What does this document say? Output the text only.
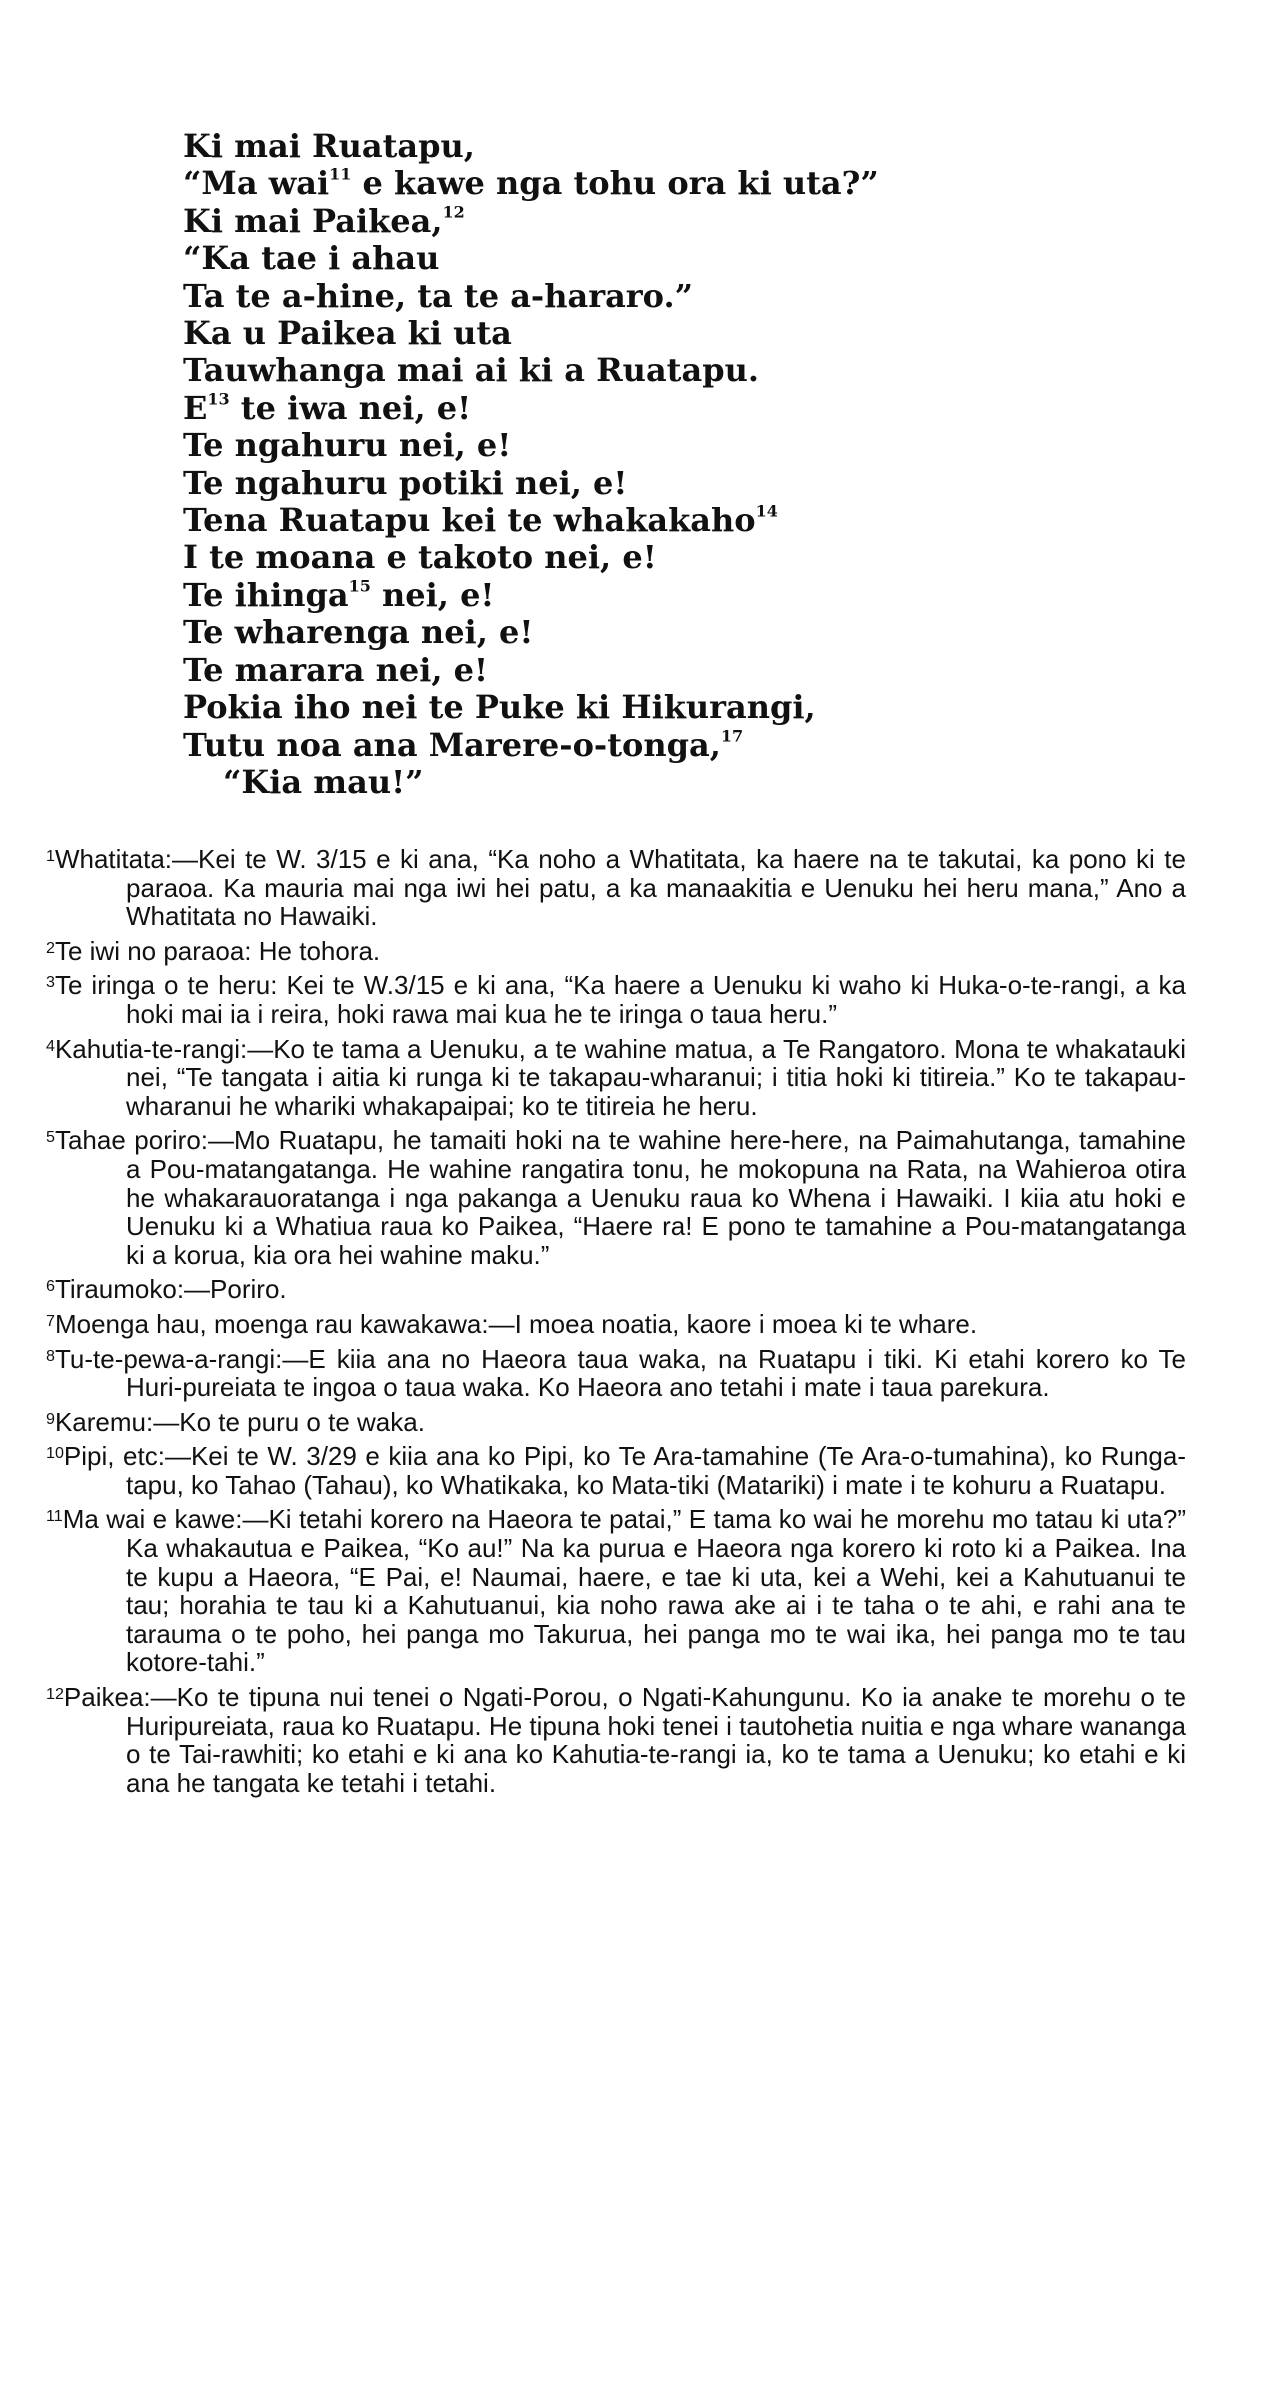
Ki mai Ruatapu,
“Ma wai$^{11}$ e kawe nga tohu ora ki uta?”
Ki mai Paikea,$^{12}$
“Ka tae i ahau
Ta te a-hine, ta te a-hararo.”
Ka u Paikea ki uta
Tauwhanga mai ai ki a Ruatapu.
$E^{13}$ te iwa nei, e!
Te ngahuru nei, e!
Te ngahuru potiki nei, e!
Tena Ruatapu kei te whakakaho$^{14}$
I te moana e takoto nei, e!
Te ihinga$^{15}$ nei, e!
Te wharenga nei, e!
Te marara nei, e!
Pokia iho nei te Puke ki Hikurangi,
Tutu noa ana Marere-o-tonga,$^{17}$
“Kia mau!”
$^1$Whatitata:—Kei te W. 3/15 e ki ana, “Ka noho a Whatitata, ka haere na te takutai, ka pono ki te paraoa. Ka mauria mai nga iwi hei patu, a ka manaakitia e Uenuku hei heru mana,” Ano a Whatitata no Hawaiki.
$^2$Te iwi no paraoa: He tohora.
$^3$Te iringa o te heru: Kei te W.3/15 e ki ana, “Ka haere a Uenuku ki waho ki Huka-o-te-rangi, a ka hoki mai ia i reira, hoki rawa mai kua he te iringa o taua heru.”
$^4$Kahutia-te-rangi:—Ko te tama a Uenuku, a te wahine matua, a Te Rangatoro. Mona te whakatauki nei, “Te tangata i aitia ki runga ki te takapau-wharanui; i titia hoki ki titireia.” Ko te takapau-wharanui he whariki whakapaipai; ko te titireia he heru.
$^5$Tahae poriro:—Mo Ruatapu, he tamaiti hoki na te wahine here-here, na Paimahutanga, tamahine a Pou-matangatanga. He wahine rangatira tonu, he mokopuna na Rata, na Wahieroa otira he whakarauoratanga i nga pakanga a Uenuku raua ko Whena i Hawaiki. I kiia atu hoki e Uenuku ki a Whatiua raua ko Paikea, “Haere ra! E pono te tamahine a Pou-matangatanga ki a korua, kia ora hei wahine maku.”
$^6$Tiraumoko:—Poriro.
$^7$Moenga hau, moenga rau kawakawa:—I moea noatia, kaore i moea ki te whare.
$^8$Tu-te-pewa-a-rangi:—E kiia ana no Haeora taua waka, na Ruatapu i tiki. Ki etahi korero ko Te Huri-pureiata te ingoa o taua waka. Ko Haeora ano tetahi i mate i taua parekura.
$^9$Karemu:—Ko te puru o te waka.
$^{10}$Pipi, etc:—Kei te W. 3/29 e kiia ana ko Pipi, ko Te Ara-tamahine (Te Ara-o-tumahina), ko Runga-tapu, ko Tahao (Tahau), ko Whatikaka, ko Mata-tiki (Matariki) i mate i te kohuru a Ruatapu.
$^{11}$Ma wai e kawe:—Ki tetahi korero na Haeora te patai,” E tama ko wai he morehu mo tatau ki uta?” Ka whakautua e Paikea, “Ko au!” Na ka purua e Haeora nga korero ki roto ki a Paikea. Ina te kupu a Haeora, “E Pai, e! Naumai, haere, e tae ki uta, kei a Wehi, kei a Kahutuanui te tau; horahia te tau ki a Kahutuanui, kia noho rawa ake ai i te taha o te ahi, e rahi ana te tarauma o te poho, hei panga mo Takurua, hei panga mo te wai ika, hei panga mo te tau kotore-tahi.”
$^{12}$Paikea:—Ko te tipuna nui tenei o Ngati-Porou, o Ngati-Kahungunu. Ko ia anake te morehu o te Huripureiata, raua ko Ruatapu. He tipuna hoki tenei i tautohetia nuitia e nga whare wananga o te Tai-rawhiti; ko etahi e ki ana ko Kahutia-te-rangi ia, ko te tama a Uenuku; ko etahi e ki ana he tangata ke tetahi i tetahi.
